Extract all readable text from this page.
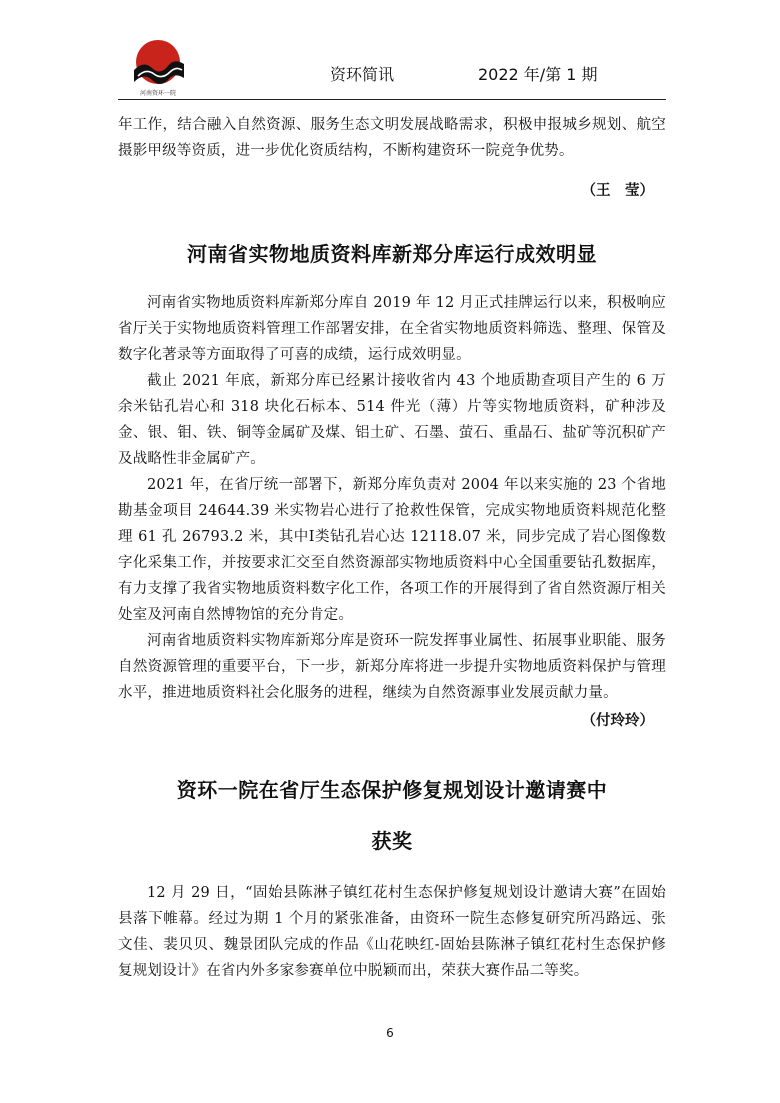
河南资环一院
资环简讯	2022 年/第 1 期

年工作，结合融入自然资源、服务生态文明发展战略需求，积极申报城乡规划、航空摄影甲级等资质，进一步优化资质结构，不断构建资环一院竞争优势。

（王　莹）

河南省实物地质资料库新郑分库运行成效明显

河南省实物地质资料库新郑分库自 2019 年 12 月正式挂牌运行以来，积极响应省厅关于实物地质资料管理工作部署安排，在全省实物地质资料筛选、整理、保管及数字化著录等方面取得了可喜的成绩，运行成效明显。

截止 2021 年底，新郑分库已经累计接收省内 43 个地质勘查项目产生的 6 万余米钻孔岩心和 318 块化石标本、514 件光（薄）片等实物地质资料，矿种涉及金、银、钼、铁、铜等金属矿及煤、铝土矿、石墨、萤石、重晶石、盐矿等沉积矿产及战略性非金属矿产。

2021 年，在省厅统一部署下，新郑分库负责对 2004 年以来实施的 23 个省地勘基金项目 24644.39 米实物岩心进行了抢救性保管，完成实物地质资料规范化整理 61 孔 26793.2 米，其中Ⅰ类钻孔岩心达 12118.07 米，同步完成了岩心图像数字化采集工作，并按要求汇交至自然资源部实物地质资料中心全国重要钻孔数据库，有力支撑了我省实物地质资料数字化工作，各项工作的开展得到了省自然资源厅相关处室及河南自然博物馆的充分肯定。

河南省地质资料实物库新郑分库是资环一院发挥事业属性、拓展事业职能、服务自然资源管理的重要平台，下一步，新郑分库将进一步提升实物地质资料保护与管理水平，推进地质资料社会化服务的进程，继续为自然资源事业发展贡献力量。

（付玲玲）

资环一院在省厅生态保护修复规划设计邀请赛中
获奖

12 月 29 日，“固始县陈淋子镇红花村生态保护修复规划设计邀请大赛”在固始县落下帷幕。经过为期 1 个月的紧张准备，由资环一院生态修复研究所冯路远、张文佳、裴贝贝、魏景团队完成的作品《山花映红-固始县陈淋子镇红花村生态保护修复规划设计》在省内外多家参赛单位中脱颖而出，荣获大赛作品二等奖。

6
